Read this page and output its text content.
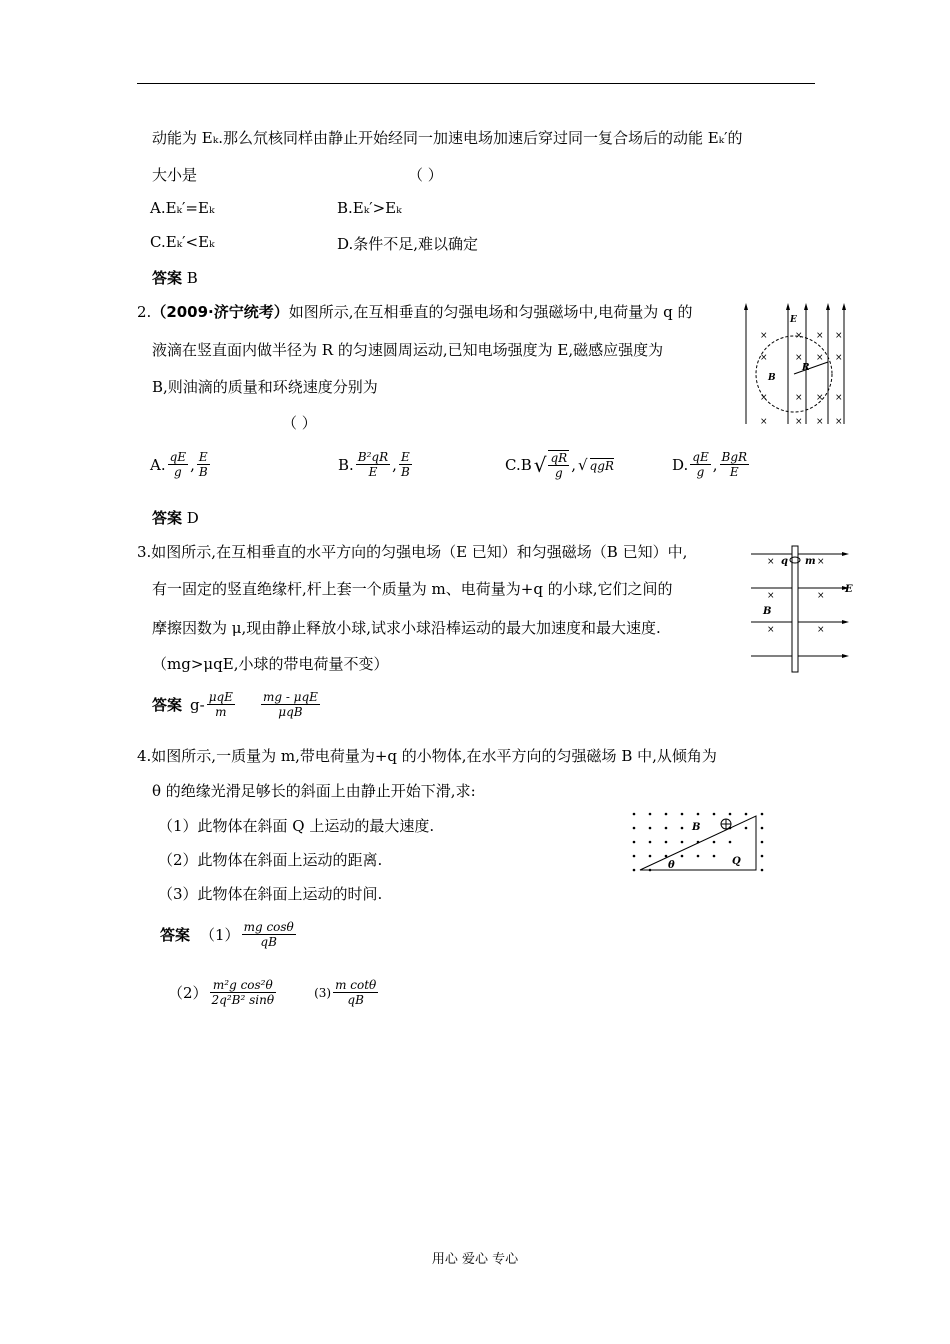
动能为 Eₖ.那么氘核同样由静止开始经同一加速电场加速后穿过同一复合场后的动能 Eₖ′的
大小是	（ ）
A.Eₖ′=Eₖ	B.Eₖ′>Eₖ
C.Eₖ′<Eₖ	D.条件不足,难以确定
答案 B
2.（2009·济宁统考）如图所示,在互相垂直的匀强电场和匀强磁场中,电荷量为 q 的
液滴在竖直面内做半径为 R 的匀速圆周运动,已知电场强度为 E,磁感应强度为
B,则油滴的质量和环绕速度分别为
（ ）
E
B
R
×	× × ×
×	× × ×
×	× × ×
×	× × ×
A. $\frac{qE}{g}$ , $\frac{E}{B}$	B. $\frac{\text{B²qR}}{E}$ , $\frac{E}{B}$	C.B √ $\frac{qR}{g}$ , √ qgR	D. $\frac{qE}{g}$ , $\frac{\text{BgR}}{E}$
答案 D
3.如图所示,在互相垂直的水平方向的匀强电场（E 已知）和匀强磁场（B 已知）中,
有一固定的竖直绝缘杆,杆上套一个质量为 m、电荷量为+q 的小球,它们之间的
摩擦因数为 μ,现由静止释放小球,试求小球沿棒运动的最大加速度和最大速度.
（mg>μqE,小球的带电荷量不变）
q m
E
B
×	×
×	×
×	×
答案 $g- \frac{\text{μqE}}{m} \frac{\text{mg - μqE}}{\text{μqB}}$
4.如图所示,一质量为 m,带电荷量为+q 的小物体,在水平方向的匀强磁场 B 中,从倾角为
θ 的绝缘光滑足够长的斜面上由静止开始下滑,求:
（1）此物体在斜面 Q 上运动的最大速度.
（2）此物体在斜面上运动的距离.
（3）此物体在斜面上运动的时间.
B
Q
θ
答案 $(1) \frac{\text{mg cosθ}}{qB}$
$(2) \frac{\text{m²g cos²θ}}{\text{2q²B² sinθ}}$	$(3) \frac{\text{m cotθ}}{qB}$
用心 爱心 专心
